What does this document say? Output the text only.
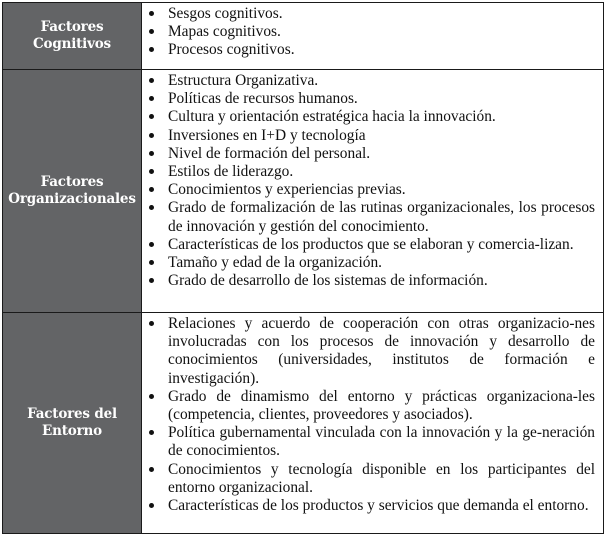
Factores
Cognitivos
Sesgos cognitivos.
Mapas cognitivos.
Procesos cognitivos.
Factores
Organizacionales
Estructura Organizativa.
Políticas de recursos humanos.
Cultura y orientación estratégica hacia la innovación.
Inversiones en I+D y tecnología
Nivel de formación del personal.
Estilos de liderazgo.
Conocimientos y experiencias previas.
Grado de formalización de las rutinas organizacionales, los procesos de innovación y gestión del conocimiento.
Características de los productos que se elaboran y comercia-lizan.
Tamaño y edad de la organización.
Grado de desarrollo de los sistemas de información.
Factores del
Entorno
Relaciones y acuerdo de cooperación con otras organizacio-nes involucradas con los procesos de innovación y desarrollo de conocimientos (universidades, institutos de formación e investigación).
Grado de dinamismo del entorno y prácticas organizaciona-les (competencia, clientes, proveedores y asociados).
Política gubernamental vinculada con la innovación y la ge-neración de conocimientos.
Conocimientos y tecnología disponible en los participantes del entorno organizacional.
Características de los productos y servicios que demanda el entorno.
